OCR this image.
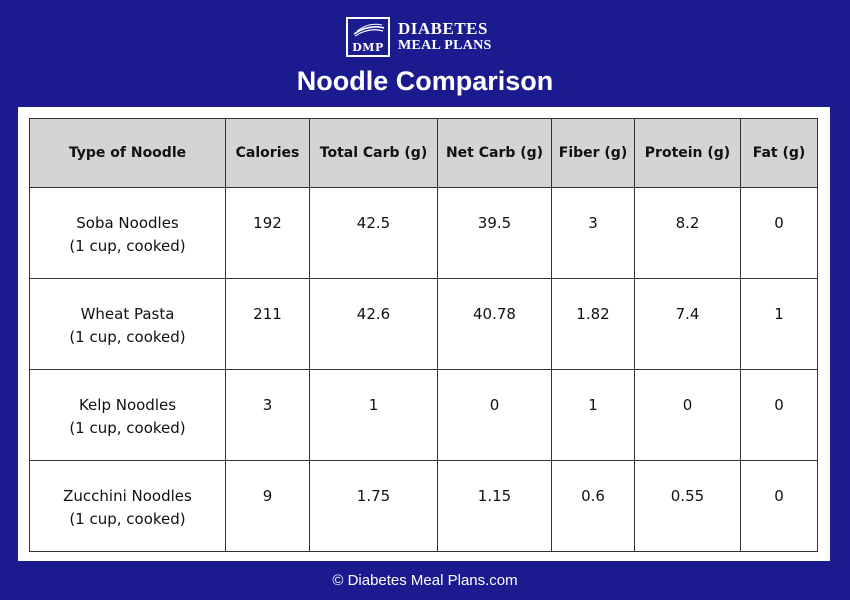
DMP
DIABETES
MEAL PLANS
Noodle Comparison
Type of Noodle	Calories	Total Carb (g)	Net Carb (g)	Fiber (g)	Protein (g)	Fat (g)

Soba Noodles
(1 cup, cooked)	192	42.5	39.5	3	8.2	0

Wheat Pasta
(1 cup, cooked)	211	42.6	40.78	1.82	7.4	1

Kelp Noodles
(1 cup, cooked)	3	1	0	1	0	0

Zucchini Noodles
(1 cup, cooked)	9	1.75	1.15	0.6	0.55	0
© Diabetes Meal Plans.com
